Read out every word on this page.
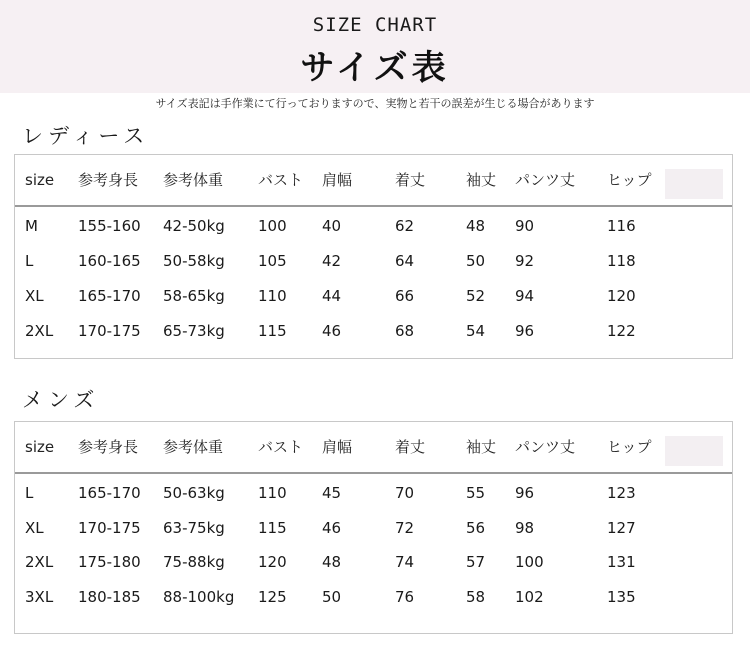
SIZE CHART
サイズ表
サイズ表記は手作業にて行っておりますので、実物と若干の誤差が生じる場合があります
レディース
size 参考身長 参考体重 バスト 肩幅	着丈	袖丈 パンツ丈 ヒップ
M	155-160 42-50kg 100 40	62	48 90	116
L	160-165 50-58kg 105 42	64	50 92	118
XL 165-170 58-65kg 110 44	66	52 94	120
2XL 170-175 65-73kg 115 46	68	54 96	122
メンズ
size 参考身長 参考体重 バスト 肩幅	着丈	袖丈 パンツ丈 ヒップ
L	165-170 50-63kg 110 45	70	55 96	123
XL 170-175 63-75kg 115 46	72	56 98	127
2XL 175-180 75-88kg 120 48	74	57 100	131
3XL 180-185 88-100kg 125 50	76	58 102	135
